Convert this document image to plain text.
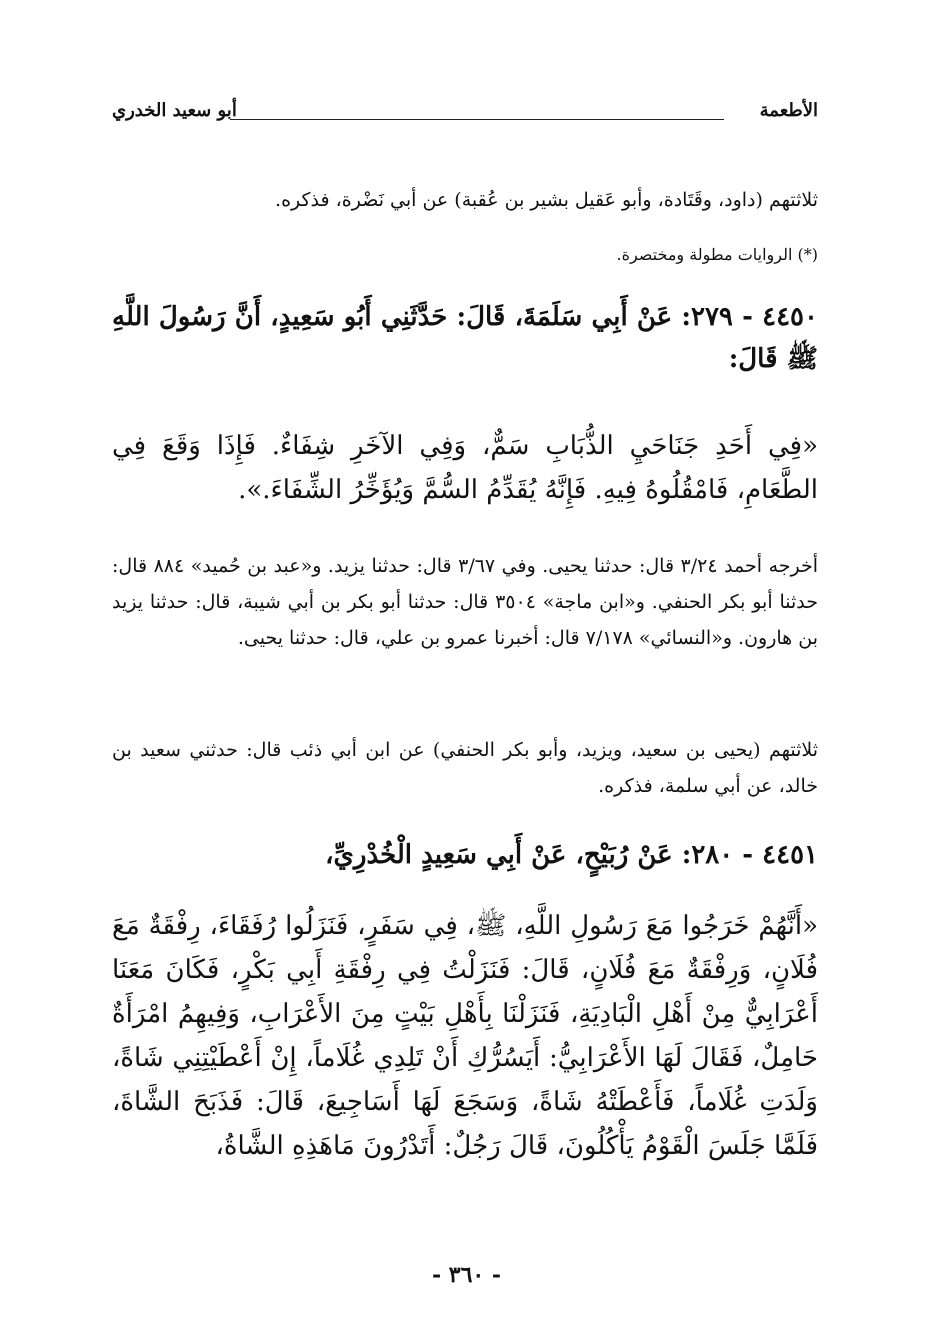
الأطعمة
أبو سعيد الخدري
ثلاثتهم (داود، وقَتَادة، وأبو عَقيل بشير بن عُقبة) عن أبي نَضْرة، فذكره.
(*) الروايات مطولة ومختصرة.
٤٤٥٠ - ٢٧٩: عَنْ أَبِي سَلَمَةَ، قَالَ: حَدَّثَنِي أَبُو سَعِيدٍ، أَنَّ رَسُولَ اللَّهِ ﷺ قَالَ:
«فِي أَحَدِ جَنَاحَيِ الذُّبَابِ سَمٌّ، وَفِي الآخَرِ شِفَاءٌ. فَإِذَا وَقَعَ فِي الطَّعَامِ، فَامْقُلُوهُ فِيهِ. فَإِنَّهُ يُقَدِّمُ السُّمَّ وَيُؤَخِّرُ الشِّفَاءَ.».
أخرجه أحمد ٣/٢٤ قال: حدثنا يحيى. وفي ٣/٦٧ قال: حدثنا يزيد. و«عبد بن حُميد» ٨٨٤ قال: حدثنا أبو بكر الحنفي. و«ابن ماجة» ٣٥٠٤ قال: حدثنا أبو بكر بن أبي شيبة، قال: حدثنا يزيد بن هارون. و«النسائي» ٧/١٧٨ قال: أخبرنا عمرو بن علي، قال: حدثنا يحيى.
ثلاثتهم (يحيى بن سعيد، ويزيد، وأبو بكر الحنفي) عن ابن أبي ذئب قال: حدثني سعيد بن خالد، عن أبي سلمة، فذكره.
٤٤٥١ - ٢٨٠: عَنْ رُبَيْحٍ، عَنْ أَبِي سَعِيدٍ الْخُدْرِيِّ،
«أَنَّهُمْ خَرَجُوا مَعَ رَسُولِ اللَّهِ، ﷺ، فِي سَفَرٍ، فَنَزَلُوا رُفَقَاءَ، رِفْقَةٌ مَعَ فُلَانٍ، وَرِفْقَةٌ مَعَ فُلَانٍ، قَالَ: فَنَزَلْتُ فِي رِفْقَةِ أَبِي بَكْرٍ، فَكَانَ مَعَنَا أَعْرَابِيٌّ مِنْ أَهْلِ الْبَادِيَةِ، فَنَزَلْنَا بِأَهْلِ بَيْتٍ مِنَ الأَعْرَابِ، وَفِيهِمُ امْرَأَةٌ حَامِلٌ، فَقَالَ لَهَا الأَعْرَابِيُّ: أَيَسُرُّكِ أَنْ تَلِدِي غُلَاماً، إِنْ أَعْطَيْتِنِي شَاةً، وَلَدَتِ غُلَاماً، فَأَعْطَتْهُ شَاةً، وَسَجَعَ لَهَا أَسَاجِيعَ، قَالَ: فَذَبَحَ الشَّاةَ، فَلَمَّا جَلَسَ الْقَوْمُ يَأْكُلُونَ، قَالَ رَجُلٌ: أَتَدْرُونَ مَاهَذِهِ الشَّاةُ،
- ٣٦٠ -
